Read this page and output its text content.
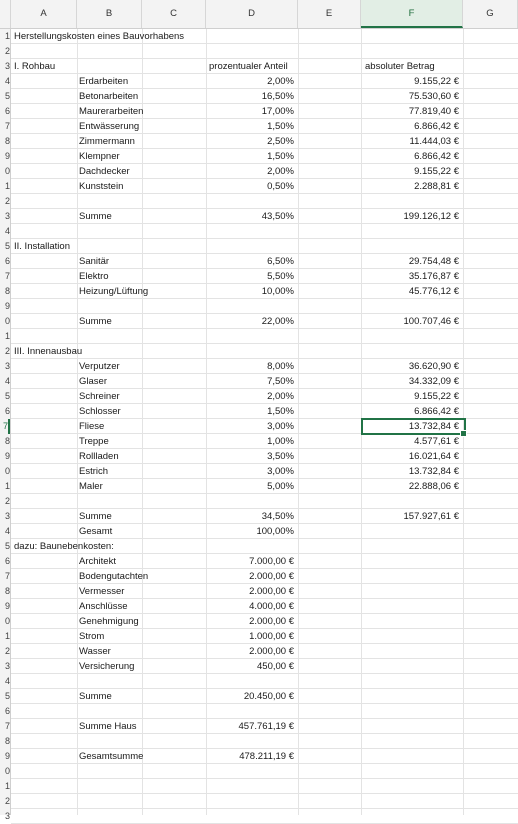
A	B	C	D	E	F	G
1 Herstellungskosten eines Bauvorhabens
2
3 I. Rohbau	prozentualer Anteil	absoluter Betrag
4	Erdarbeiten	2,00%	9.155,22 €
5	Betonarbeiten	16,50%	75.530,60 €
6	Maurerarbeiten	17,00%	77.819,40 €
7	Entwässerung	1,50%	6.866,42 €
8	Zimmermann	2,50%	11.444,03 €
9	Klempner	1,50%	6.866,42 €
0	Dachdecker	2,00%	9.155,22 €
1	Kunststein	0,50%	2.288,81 €
2
3	Summe	43,50%	199.126,12 €
4
5 II. Installation
6	Sanitär	6,50%	29.754,48 €
7	Elektro	5,50%	35.176,87 €
8	Heizung/Lüftung	10,00%	45.776,12 €
9
0	Summe	22,00%	100.707,46 €
1
2 III. Innenausbau
3	Verputzer	8,00%	36.620,90 €
4	Glaser	7,50%	34.332,09 €
5	Schreiner	2,00%	9.155,22 €
6	Schlosser	1,50%	6.866,42 €
7	Fliese	3,00%	13.732,84 €
8	Treppe	1,00%	4.577,61 €
9	Rollladen	3,50%	16.021,64 €
0	Estrich	3,00%	13.732,84 €
1	Maler	5,00%	22.888,06 €
2
3	Summe	34,50%	157.927,61 €
4	Gesamt	100,00%
5 dazu: Baunebenkosten:
6	Architekt	7.000,00 €
7	Bodengutachten	2.000,00 €
8	Vermesser	2.000,00 €
9	Anschlüsse	4.000,00 €
0	Genehmigung	2.000,00 €
1	Strom	1.000,00 €
2	Wasser	2.000,00 €
3	Versicherung	450,00 €
4
5	Summe	20.450,00 €
6
7	Summe Haus	457.761,19 €
8
9	Gesamtsumme	478.211,19 €
0
1
2
3
